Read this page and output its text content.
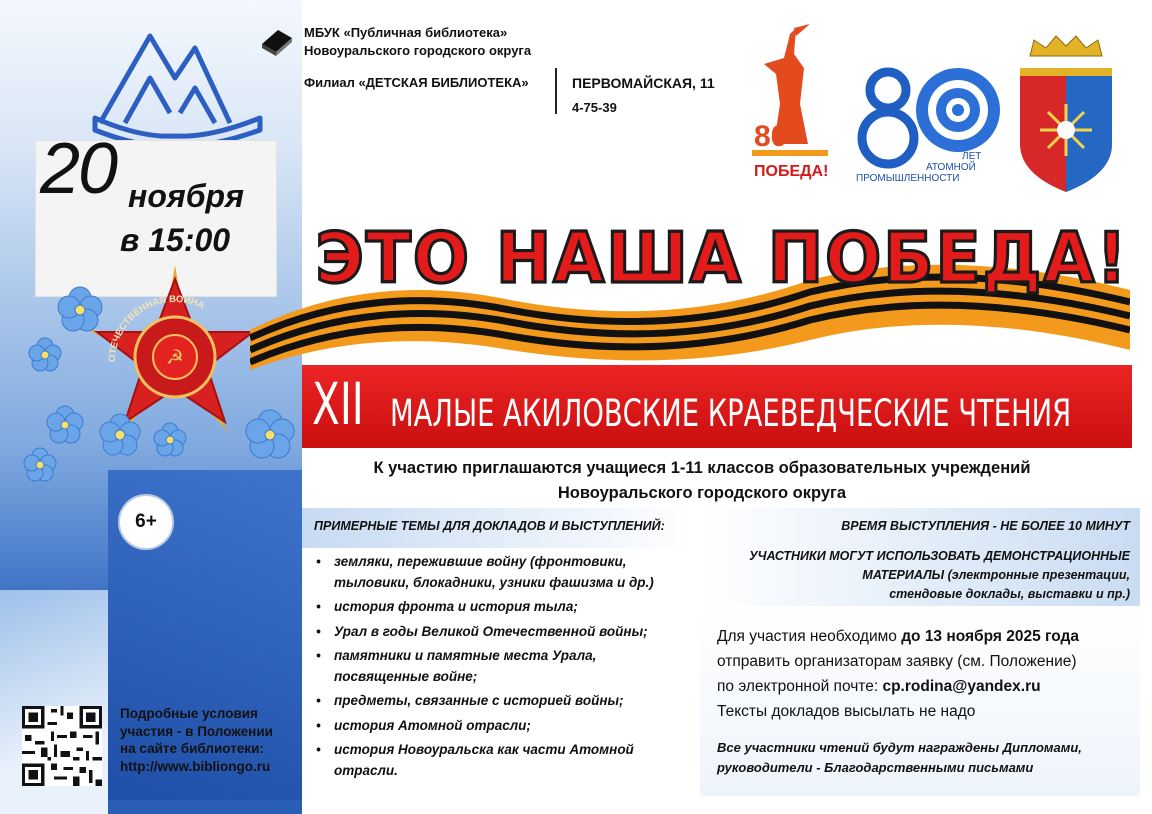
20 ноября
в 15:00
☭
ОТЕЧЕСТВЕННАЯ ВОЙНА
6+
МБУК «Публичная библиотека»
Новоуральского городского округа
Филиал «ДЕТСКАЯ БИБЛИОТЕКА»	ПЕРВОМАЙСКАЯ, 11
4-75-39
80
ПОБЕДА!
ЛЕТ
АТОМНОЙ
ПРОМЫШЛЕННОСТИ
ЭТО НАША ПОБЕДА!
XII МАЛЫЕ АКИЛОВСКИЕ КРАЕВЕДЧЕСКИЕ ЧТЕНИЯ
К участию приглашаются учащиеся 1-11 классов образовательных учреждений
Новоуральского городского округа
ПРИМЕРНЫЕ ТЕМЫ ДЛЯ ДОКЛАДОВ И ВЫСТУПЛЕНИЙ:
• земляки, пережившие войну (фронтовики, тыловики, блокадники, узники фашизма и др.)
• история фронта и история тыла;
• Урал в годы Великой Отечественной войны;
• памятники и памятные места Урала, посвященные войне;
• предметы, связанные с историей войны;
• история Атомной отрасли;
• история Новоуральска как части Атомной отрасли.
ВРЕМЯ ВЫСТУПЛЕНИЯ - НЕ БОЛЕЕ 10 МИНУТ
УЧАСТНИКИ МОГУТ ИСПОЛЬЗОВАТЬ ДЕМОНСТРАЦИОННЫЕ
МАТЕРИАЛЫ (электронные презентации,
стендовые доклады, выставки и пр.)
Для участия необходимо до 13 ноября 2025 года
отправить организаторам заявку (см. Положение)
по электронной почте: cp.rodina@yandex.ru
Тексты докладов высылать не надо
Все участники чтений будут награждены Дипломами,
руководители - Благодарственными письмами
Подробные условия
участия - в Положении
на сайте библиотеки:
http://www.bibliongo.ru
